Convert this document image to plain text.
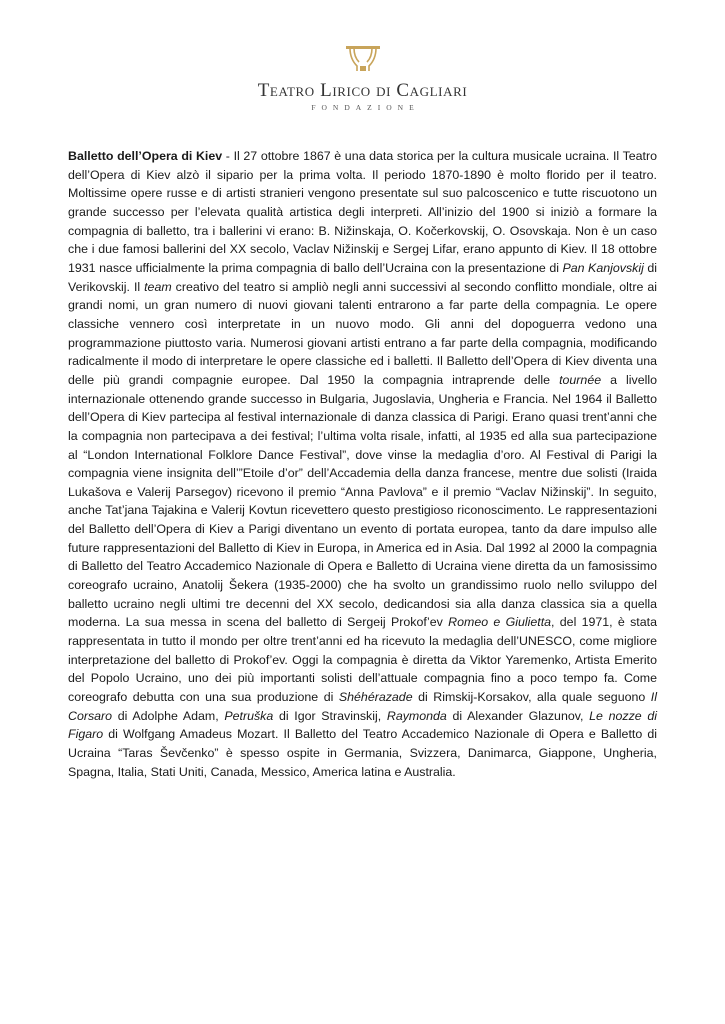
Teatro Lirico di Cagliari
FONDAZIONE

Balletto dell’Opera di Kiev - Il 27 ottobre 1867 è una data storica per la cultura musicale ucraina. Il Teatro dell’Opera di Kiev alzò il sipario per la prima volta. Il periodo 1870-1890 è molto florido per il teatro. Moltissime opere russe e di artisti stranieri vengono presentate sul suo palcoscenico e tutte riscuotono un grande successo per l’elevata qualità artistica degli interpreti. All’inizio del 1900 si iniziò a formare la compagnia di balletto, tra i ballerini vi erano: B. Nižinskaja, O. Kočerkovskij, O. Osovskaja. Non è un caso che i due famosi ballerini del XX secolo, Vaclav Nižinskij e Sergej Lifar, erano appunto di Kiev. Il 18 ottobre 1931 nasce ufficialmente la prima compagnia di ballo dell’Ucraina con la presentazione di Pan Kanjovskij di Verikovskij. Il team creativo del teatro si ampliò negli anni successivi al secondo conflitto mondiale, oltre ai grandi nomi, un gran numero di nuovi giovani talenti entrarono a far parte della compagnia. Le opere classiche vennero così interpretate in un nuovo modo. Gli anni del dopoguerra vedono una programmazione piuttosto varia. Numerosi giovani artisti entrano a far parte della compagnia, modificando radicalmente il modo di interpretare le opere classiche ed i balletti. Il Balletto dell’Opera di Kiev diventa una delle più grandi compagnie europee. Dal 1950 la compagnia intraprende delle tournée a livello internazionale ottenendo grande successo in Bulgaria, Jugoslavia, Ungheria e Francia. Nel 1964 il Balletto dell’Opera di Kiev partecipa al festival internazionale di danza classica di Parigi. Erano quasi trent’anni che la compagnia non partecipava a dei festival; l’ultima volta risale, infatti, al 1935 ed alla sua partecipazione al “London International Folklore Dance Festival”, dove vinse la medaglia d’oro. Al Festival di Parigi la compagnia viene insignita dell’”Etoile d’or” dell’Accademia della danza francese, mentre due solisti (Iraida Lukašova e Valerij Parsegov) ricevono il premio “Anna Pavlova” e il premio “Vaclav Nižinskij”. In seguito, anche Tat’jana Tajakina e Valerij Kovtun ricevettero questo prestigioso riconoscimento. Le rappresentazioni del Balletto dell’Opera di Kiev a Parigi diventano un evento di portata europea, tanto da dare impulso alle future rappresentazioni del Balletto di Kiev in Europa, in America ed in Asia. Dal 1992 al 2000 la compagnia di Balletto del Teatro Accademico Nazionale di Opera e Balletto di Ucraina viene diretta da un famosissimo coreografo ucraino, Anatolij Šekera (1935-2000) che ha svolto un grandissimo ruolo nello sviluppo del balletto ucraino negli ultimi tre decenni del XX secolo, dedicandosi sia alla danza classica sia a quella moderna. La sua messa in scena del balletto di Sergeij Prokof’ev Romeo e Giulietta, del 1971, è stata rappresentata in tutto il mondo per oltre trent’anni ed ha ricevuto la medaglia dell’UNESCO, come migliore interpretazione del balletto di Prokof’ev. Oggi la compagnia è diretta da Viktor Yaremenko, Artista Emerito del Popolo Ucraino, uno dei più importanti solisti dell’attuale compagnia fino a poco tempo fa. Come coreografo debutta con una sua produzione di Shéhérazade di Rimskij-Korsakov, alla quale seguono Il Corsaro di Adolphe Adam, Petruška di Igor Stravinskij, Raymonda di Alexander Glazunov, Le nozze di Figaro di Wolfgang Amadeus Mozart. Il Balletto del Teatro Accademico Nazionale di Opera e Balletto di Ucraina “Taras Ševčenko” è spesso ospite in Germania, Svizzera, Danimarca, Giappone, Ungheria, Spagna, Italia, Stati Uniti, Canada, Messico, America latina e Australia.
